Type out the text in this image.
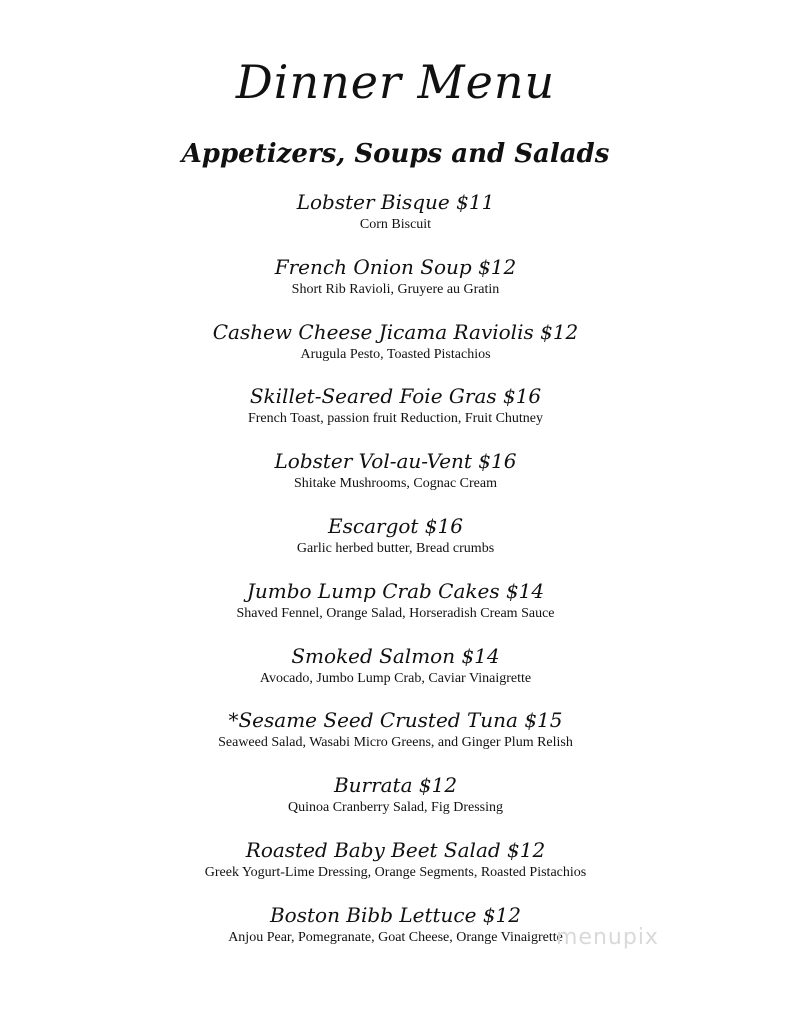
Dinner Menu
Appetizers, Soups and Salads
Lobster Bisque $11
Corn Biscuit
French Onion Soup $12
Short Rib Ravioli, Gruyere au Gratin
Cashew Cheese Jicama Raviolis $12
Arugula Pesto, Toasted Pistachios
Skillet-Seared Foie Gras $16
French Toast, passion fruit Reduction, Fruit Chutney
Lobster Vol-au-Vent $16
Shitake Mushrooms, Cognac Cream
Escargot $16
Garlic herbed butter, Bread crumbs
Jumbo Lump Crab Cakes $14
Shaved Fennel, Orange Salad, Horseradish Cream Sauce
Smoked Salmon $14
Avocado, Jumbo Lump Crab, Caviar Vinaigrette
*Sesame Seed Crusted Tuna $15
Seaweed Salad, Wasabi Micro Greens, and Ginger Plum Relish
Burrata $12
Quinoa Cranberry Salad, Fig Dressing
Roasted Baby Beet Salad $12
Greek Yogurt-Lime Dressing, Orange Segments, Roasted Pistachios
Boston Bibb Lettuce $12
Anjou Pear, Pomegranate, Goat Cheese, Orange Vinaigrette
menupix
